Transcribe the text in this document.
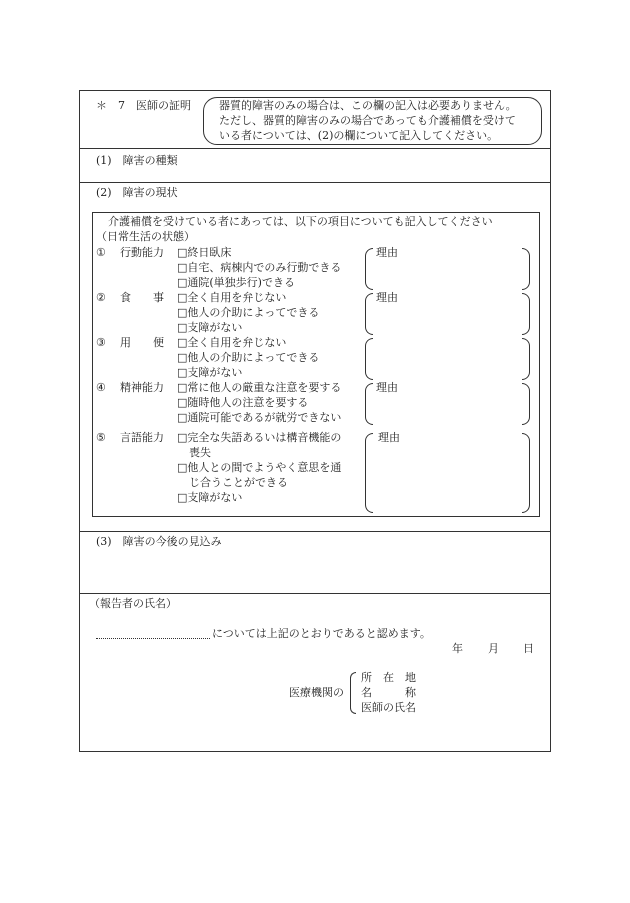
＊　7　医師の証明	器質的障害のみの場合は、この欄の記入は必要ありません。
ただし、器質的障害のみの場合であっても介護補償を受けて
いる者については、(2)の欄について記入してください。
(1)　障害の種類
(2)　障害の現状
介護補償を受けている者にあっては、以下の項目についても記入してください
（日常生活の状態）
① 行動能力 □終日臥床
□自宅、病棟内でのみ行動できる
□通院(単独歩行)できる
理由
② 食　　事 □全く自用を弁じない
□他人の介助によってできる
□支障がない
理由
③ 用　　便 □全く自用を弁じない
□他人の介助によってできる
□支障がない
④ 精神能力 □常に他人の厳重な注意を要する
□随時他人の注意を要する
□通院可能であるが就労できない
理由
⑤ 言語能力 □完全な失語あるいは構音機能の
喪失
□他人との間でようやく意思を通
じ合うことができる
□支障がない
理由
(3)　障害の今後の見込み
（報告者の氏名）
については上記のとおりであると認めます。
年 月 日
医療機関の
所　在　地
名　　　称
医師の氏名
